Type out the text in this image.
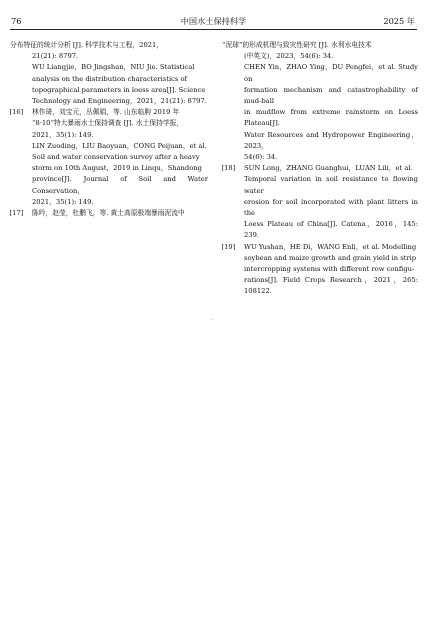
76	中国水土保持科学	2025 年

分布特征的统计分析 [J]. 科学技术与工程，2021，

21(21): 8797.

WU Liangjie，BO Jingshan，NIU Jie. Statistical

analysis on the distribution characteristics of

topographical parameters in loess area[J]. Science

Technology and Engineering，2021，21(21): 8797.

[16]	林作琦，刘宝元，丛佩娟，等. 山东临朐 2019 年

“8·10”特大暴雨水土保持调查 [J]. 水土保持学报，

2021，35(1): 149.

LIN Zuoding，LIU Baoyuan，CONG Peijuan，et al.

Soil and water conservation survey after a heavy

storm on 10th August，2019 in Linqu，Shandong

province[J]. Journal of Soil and Water Conservation，

2021，35(1): 149.

[17]	陈吟，赵莹，杜鹏飞，等. 黄土高原极端暴雨泥流中

“泥球”的形成机理与致灾性研究 [J]. 水利水电技术

(中英文)，2023，54(6): 34.

CHEN Yin，ZHAO Ying，DU Pengfei，et al. Study on

formation mechanism and catastrophability of mud-ball

in mudflow from extreme rainstorm on Loess Plateau[J].

Water Resources and Hydropower Engineering，2023，

54(6): 34.

[18]	SUN Long，ZHANG Guanghui，LUAN Lili，et al.

Temporal variation in soil resistance to flowing water

erosion for soil incorporated with plant litters in the

Loess Plateau of China[J]. Catena，2016，145: 239.

[19]	WU Yushan，HE Di，WANG Enli，et al. Modelling

soybean and maize growth and grain yield in strip

intercropping systems with different row configu-

rations[J]. Field Crops Research，2021，265: 108122.
